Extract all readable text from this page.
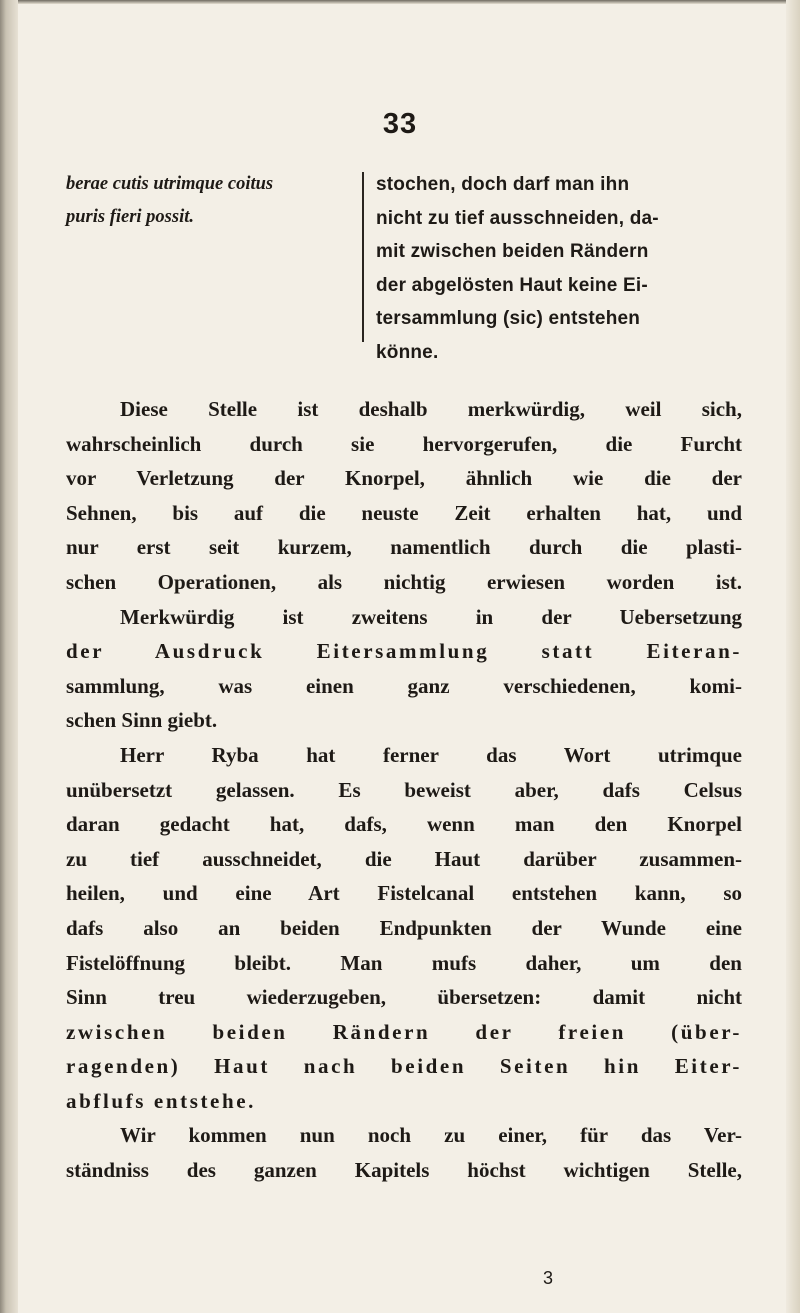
33
berae cutis utrimque coitus
puris fieri possit.
stochen, doch darf man ihn
nicht zu tief ausschneiden, da-
mit zwischen beiden Rändern
der abgelösten Haut keine Ei-
tersammlung (sic) entstehen
könne.
Diese Stelle ist deshalb merkwürdig, weil sich,
wahrscheinlich durch sie hervorgerufen, die Furcht
vor Verletzung der Knorpel, ähnlich wie die der
Sehnen, bis auf die neuste Zeit erhalten hat, und
nur erst seit kurzem, namentlich durch die plasti-
schen Operationen, als nichtig erwiesen worden ist.
Merkwürdig ist zweitens in der Uebersetzung
der Ausdruck Eitersammlung statt Eiteran-
sammlung, was einen ganz verschiedenen, komi-
schen Sinn giebt.
Herr Ryba hat ferner das Wort utrimque
unübersetzt gelassen. Es beweist aber, dafs Celsus
daran gedacht hat, dafs, wenn man den Knorpel
zu tief ausschneidet, die Haut darüber zusammen-
heilen, und eine Art Fistelcanal entstehen kann, so
dafs also an beiden Endpunkten der Wunde eine
Fistelöffnung bleibt. Man mufs daher, um den
Sinn treu wiederzugeben, übersetzen: damit nicht
zwischen beiden Rändern der freien (über-
ragenden) Haut nach beiden Seiten hin Eiter-
abflufs entstehe.
Wir kommen nun noch zu einer, für das Ver-
ständniss des ganzen Kapitels höchst wichtigen Stelle,
3
